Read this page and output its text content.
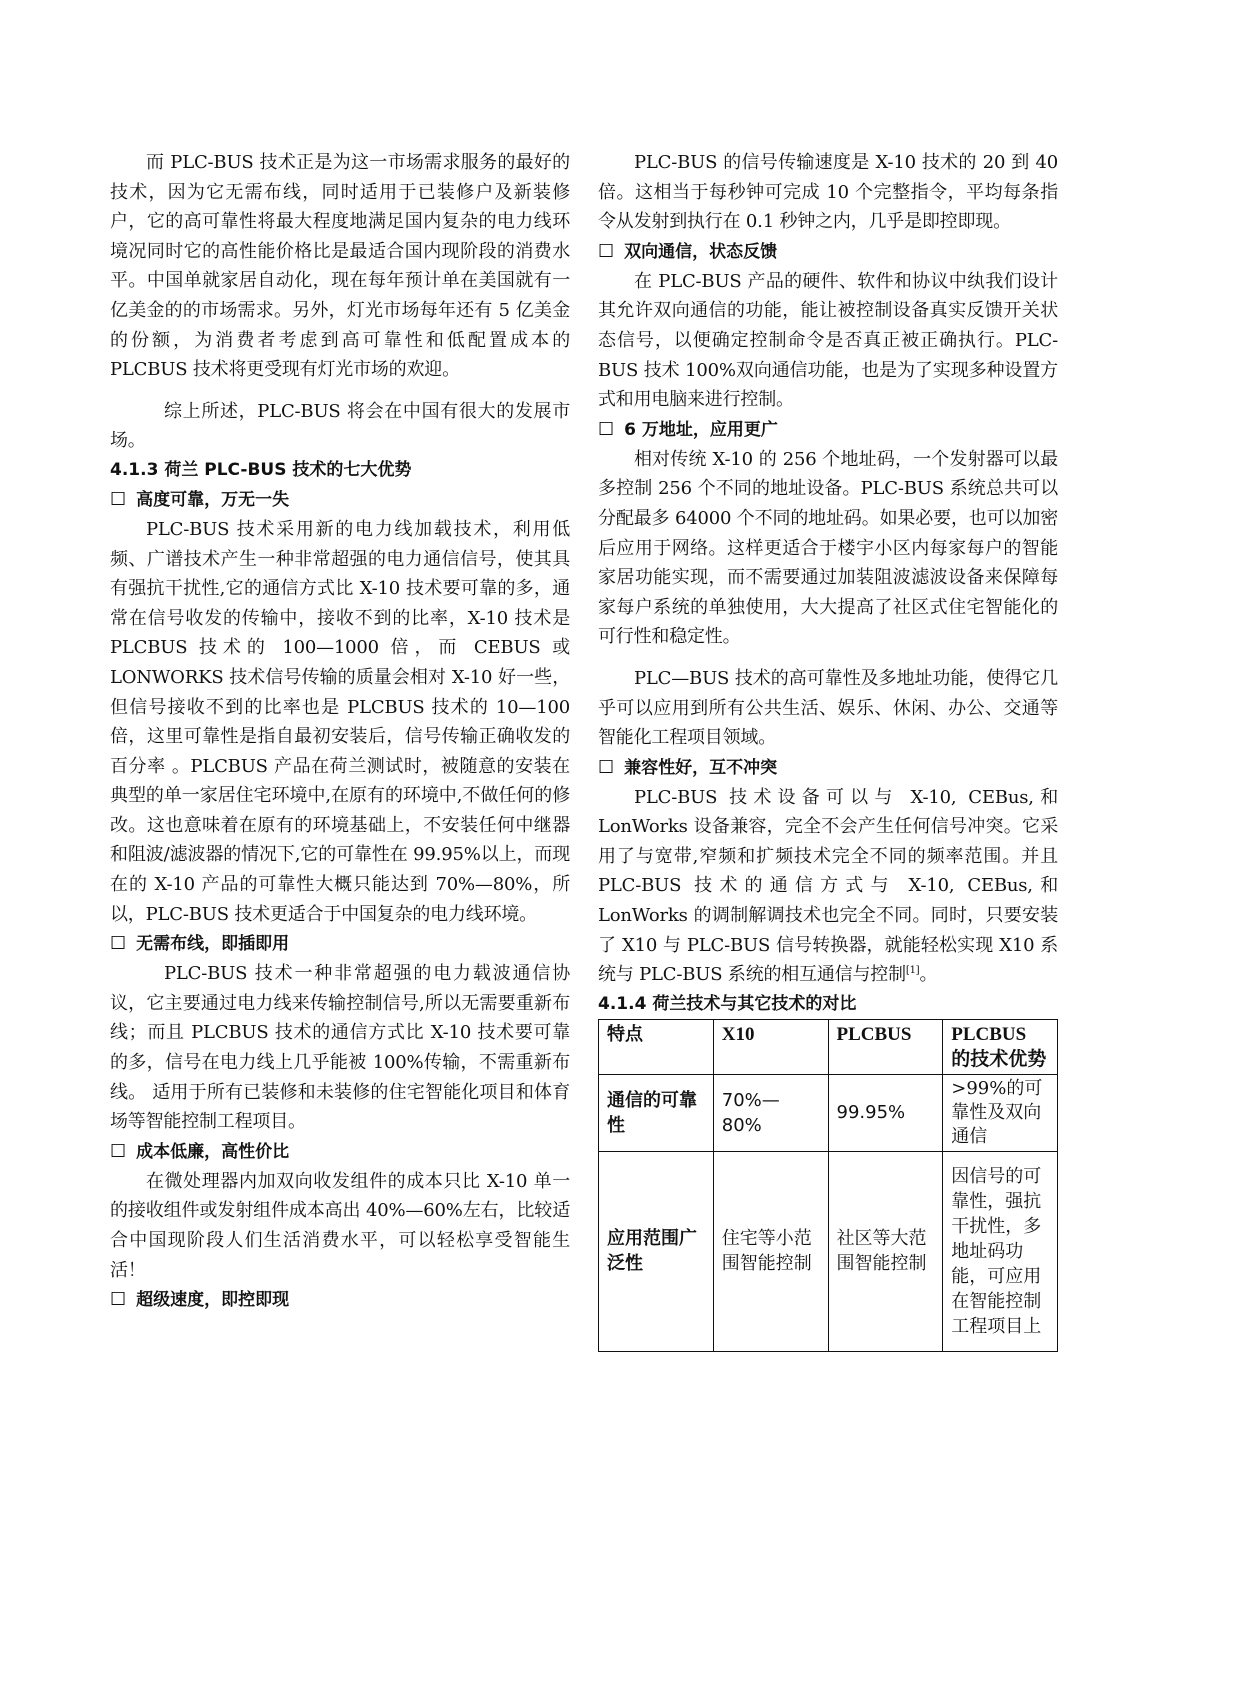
而 PLC-BUS 技术正是为这一市场需求服务的最好的技术，因为它无需布线，同时适用于已装修户及新装修户，它的高可靠性将最大程度地满足国内复杂的电力线环境况同时它的高性能价格比是最适合国内现阶段的消费水平。中国单就家居自动化，现在每年预计单在美国就有一亿美金的的市场需求。另外，灯光市场每年还有 5 亿美金的份额，为消费者考虑到高可靠性和低配置成本的 PLCBUS 技术将更受现有灯光市场的欢迎。

综上所述，PLC-BUS 将会在中国有很大的发展市场。

4.1.3 荷兰 PLC-BUS 技术的七大优势

☐ 高度可靠，万无一失

PLC-BUS 技术采用新的电力线加载技术，利用低频、广谱技术产生一种非常超强的电力通信信号，使其具有强抗干扰性,它的通信方式比 X-10 技术要可靠的多，通常在信号收发的传输中，接收不到的比率，X-10 技术是 PLCBUS 技术的 100—1000 倍，而 CEBUS 或 LONWORKS 技术信号传输的质量会相对 X-10 好一些，但信号接收不到的比率也是 PLCBUS 技术的 10—100 倍，这里可靠性是指自最初安装后，信号传输正确收发的百分率 。PLCBUS 产品在荷兰测试时，被随意的安装在典型的单一家居住宅环境中,在原有的环境中,不做任何的修改。这也意味着在原有的环境基础上，不安装任何中继器和阻波/滤波器的情况下,它的可靠性在 99.95%以上，而现在的 X-10 产品的可靠性大概只能达到 70%—80%，所以，PLC-BUS 技术更适合于中国复杂的电力线环境。

☐ 无需布线，即插即用

PLC-BUS 技术一种非常超强的电力载波通信协议，它主要通过电力线来传输控制信号,所以无需要重新布线；而且 PLCBUS 技术的通信方式比 X-10 技术要可靠的多，信号在电力线上几乎能被 100%传输，不需重新布线。 适用于所有已装修和未装修的住宅智能化项目和体育场等智能控制工程项目。

☐ 成本低廉，高性价比

在微处理器内加双向收发组件的成本只比 X-10 单一的接收组件或发射组件成本高出 40%—60%左右，比较适合中国现阶段人们生活消费水平，可以轻松享受智能生活！

☐ 超级速度，即控即现

PLC-BUS 的信号传输速度是 X-10 技术的 20 到 40 倍。这相当于每秒钟可完成 10 个完整指令，平均每条指令从发射到执行在 0.1 秒钟之内，几乎是即控即现。

☐ 双向通信，状态反馈

在 PLC-BUS 产品的硬件、软件和协议中纨我们设计其允许双向通信的功能，能让被控制设备真实反馈开关状态信号，以便确定控制命令是否真正被正确执行。PLC-BUS 技术 100%双向通信功能，也是为了实现多种设置方式和用电脑来进行控制。

☐ 6 万地址，应用更广

相对传统 X-10 的 256 个地址码，一个发射器可以最多控制 256 个不同的地址设备。PLC-BUS 系统总共可以分配最多 64000 个不同的地址码。如果必要，也可以加密后应用于网络。这样更适合于楼宇小区内每家每户的智能家居功能实现，而不需要通过加装阻波滤波设备来保障每家每户系统的单独使用，大大提高了社区式住宅智能化的可行性和稳定性。

PLC—BUS 技术的高可靠性及多地址功能，使得它几乎可以应用到所有公共生活、娱乐、休闲、办公、交通等智能化工程项目领域。

☐ 兼容性好，互不冲突

PLC-BUS 技术设备可以与 X-10, CEBus,和 LonWorks 设备兼容，完全不会产生任何信号冲突。它采用了与宽带,窄频和扩频技术完全不同的频率范围。并且 PLC-BUS 技术的通信方式与 X-10, CEBus,和 LonWorks 的调制解调技术也完全不同。同时，只要安装了 X10 与 PLC-BUS 信号转换器，就能轻松实现 X10 系统与 PLC-BUS 系统的相互通信与控制[1]。

4.1.4 荷兰技术与其它技术的对比

特点	X10	PLCBUS	PLCBUS 的技术优势
通信的可靠性	70%—80%	99.95%	>99%的可靠性及双向通信
应用范围广泛性	住宅等小范围智能控制	社区等大范围智能控制	因信号的可靠性，强抗干扰性，多地址码功能，可应用在智能控制工程项目上
